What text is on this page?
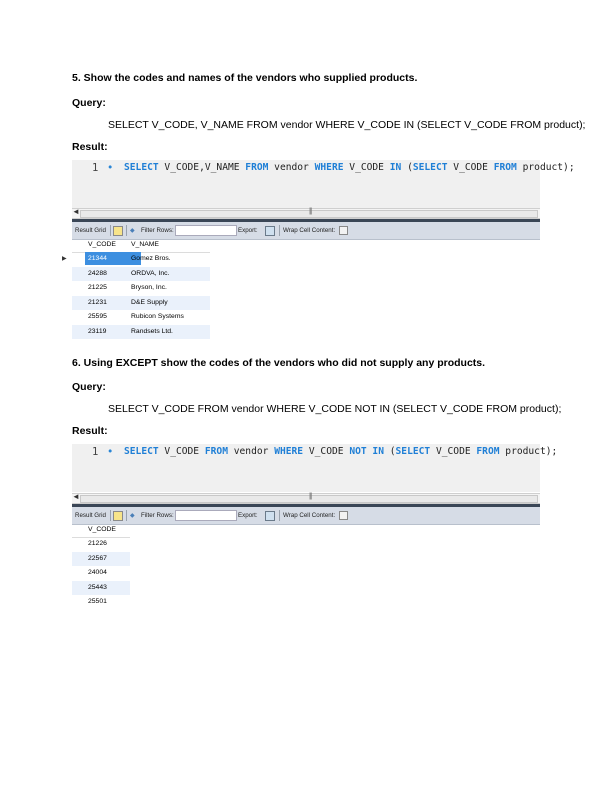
5. Show the codes and names of the vendors who supplied products.
Query:
SELECT V_CODE, V_NAME FROM vendor WHERE V_CODE IN (SELECT V_CODE FROM product);
Result:
1 • SELECT V_CODE,V_NAME FROM vendor WHERE V_CODE IN (SELECT V_CODE FROM product);
◄	|||
Result Grid	◆ Filter Rows:	Export:	Wrap Cell Content:
V_CODE V_NAME
▶	21344	Gomez Bros.
24288	ORDVA, Inc.
21225	Bryson, Inc.
21231	D&E Supply
25595	Rubicon Systems
23119	Randsets Ltd.
6. Using EXCEPT show the codes of the vendors who did not supply any products.
Query:
SELECT V_CODE FROM vendor WHERE V_CODE NOT IN (SELECT V_CODE FROM product);
Result:
1 • SELECT V_CODE FROM vendor WHERE V_CODE NOT IN (SELECT V_CODE FROM product);
◄	|||
Result Grid	◆ Filter Rows:	Export:	Wrap Cell Content:
V_CODE
21226
22567
24004
25443
25501
